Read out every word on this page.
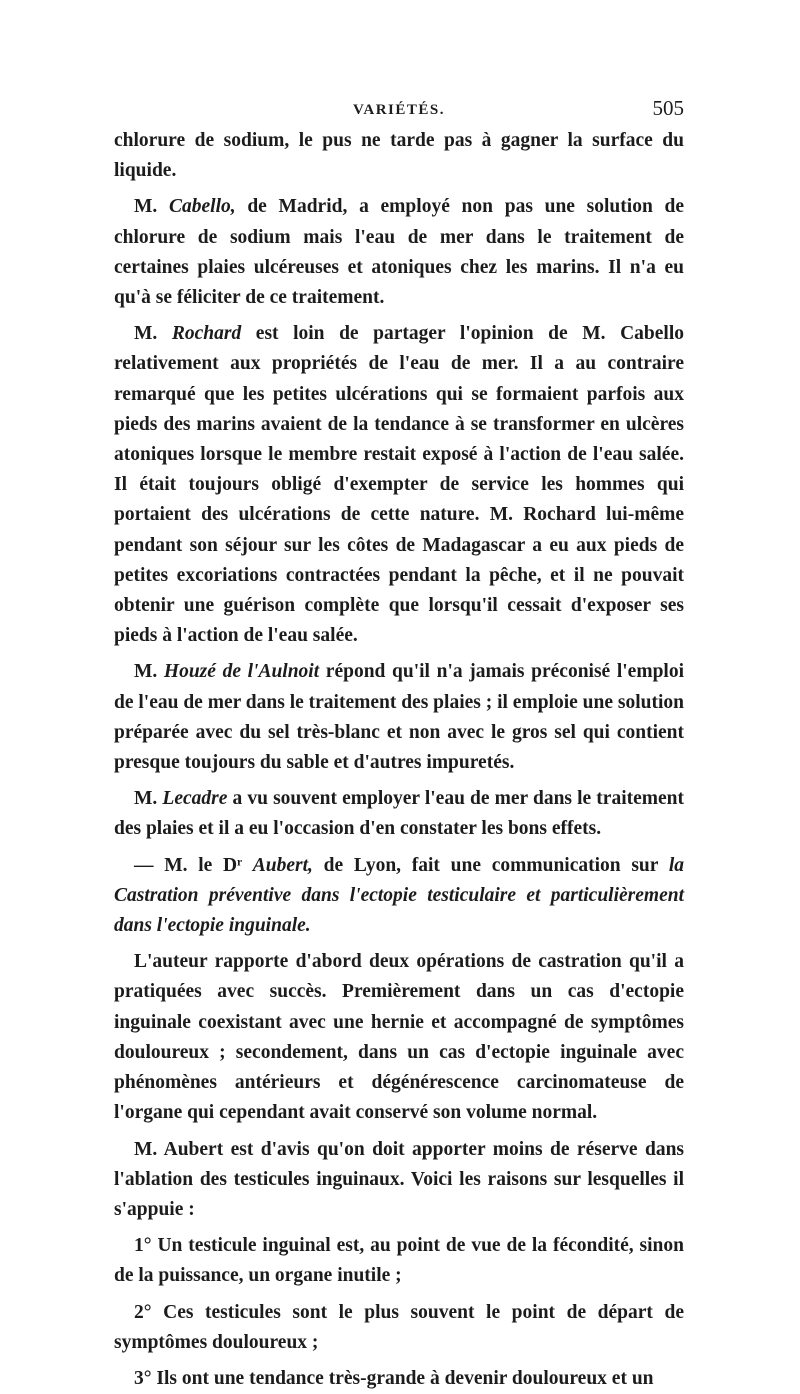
VARIÉTÉS.	505

chlorure de sodium, le pus ne tarde pas à gagner la surface du liquide.

M. Cabello, de Madrid, a employé non pas une solution de chlorure de sodium mais l'eau de mer dans le traitement de certaines plaies ulcéreuses et atoniques chez les marins. Il n'a eu qu'à se féliciter de ce traitement.

M. Rochard est loin de partager l'opinion de M. Cabello relativement aux propriétés de l'eau de mer. Il a au contraire remarqué que les petites ulcérations qui se formaient parfois aux pieds des marins avaient de la tendance à se transformer en ulcères atoniques lorsque le membre restait exposé à l'action de l'eau salée. Il était toujours obligé d'exempter de service les hommes qui portaient des ulcérations de cette nature. M. Rochard lui-même pendant son séjour sur les côtes de Madagascar a eu aux pieds de petites excoriations contractées pendant la pêche, et il ne pouvait obtenir une guérison complète que lorsqu'il cessait d'exposer ses pieds à l'action de l'eau salée.

M. Houzé de l'Aulnoit répond qu'il n'a jamais préconisé l'emploi de l'eau de mer dans le traitement des plaies ; il emploie une solution préparée avec du sel très-blanc et non avec le gros sel qui contient presque toujours du sable et d'autres impuretés.

M. Lecadre a vu souvent employer l'eau de mer dans le traitement des plaies et il a eu l'occasion d'en constater les bons effets.

— M. le Dʳ Aubert, de Lyon, fait une communication sur la Castration préventive dans l'ectopie testiculaire et particulièrement dans l'ectopie inguinale.

L'auteur rapporte d'abord deux opérations de castration qu'il a pratiquées avec succès. Premièrement dans un cas d'ectopie inguinale coexistant avec une hernie et accompagné de symptômes douloureux ; secondement, dans un cas d'ectopie inguinale avec phénomènes antérieurs et dégénérescence carcinomateuse de l'organe qui cependant avait conservé son volume normal.

M. Aubert est d'avis qu'on doit apporter moins de réserve dans l'ablation des testicules inguinaux. Voici les raisons sur lesquelles il s'appuie :

1° Un testicule inguinal est, au point de vue de la fécondité, sinon de la puissance, un organe inutile ;

2° Ces testicules sont le plus souvent le point de départ de symptômes douloureux ;

3° Ils ont une tendance très-grande à devenir douloureux et un
